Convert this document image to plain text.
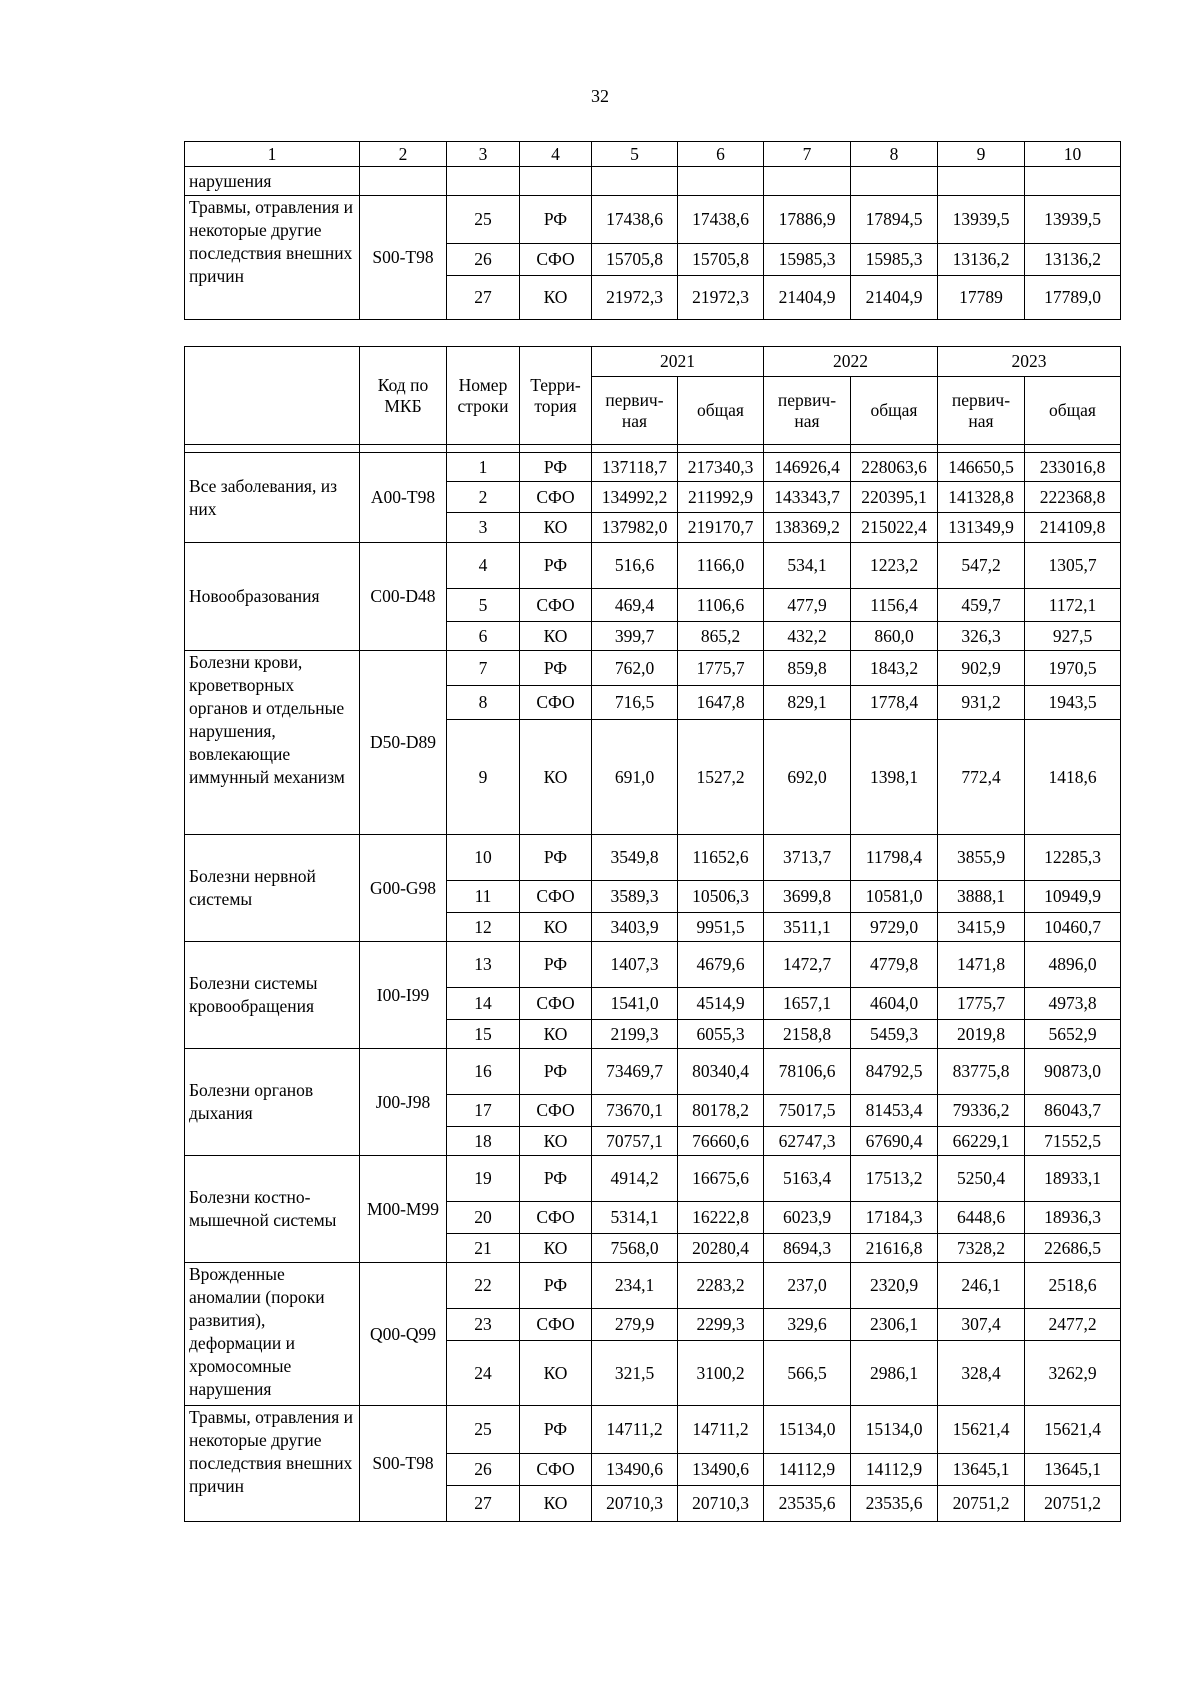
32
1	2	3	4	5	6	7	8	9	10
нарушения									
Травмы, отравления и некоторые другие последствия внешних причин	S00-T98	25	РФ	17438,6	17438,6	17886,9	17894,5	13939,5	13939,5
		26	СФО	15705,8	15705,8	15985,3	15985,3	13136,2	13136,2
		27	КО	21972,3	21972,3	21404,9	21404,9	17789	17789,0
	Код по МКБ	Номер строки	Терри-тория	2021		2022		2023	
				первич-ная	общая	первич-ная	общая	первич-ная	общая

Все заболевания, из них	A00-T98	1	РФ	137118,7	217340,3	146926,4	228063,6	146650,5	233016,8
		2	СФО	134992,2	211992,9	143343,7	220395,1	141328,8	222368,8
		3	КО	137982,0	219170,7	138369,2	215022,4	131349,9	214109,8
Новообразования	C00-D48	4	РФ	516,6	1166,0	534,1	1223,2	547,2	1305,7
		5	СФО	469,4	1106,6	477,9	1156,4	459,7	1172,1
		6	КО	399,7	865,2	432,2	860,0	326,3	927,5
Болезни крови, кроветворных органов и отдельные нарушения, вовлекающие иммунный механизм	D50-D89	7	РФ	762,0	1775,7	859,8	1843,2	902,9	1970,5
		8	СФО	716,5	1647,8	829,1	1778,4	931,2	1943,5
		9	КО	691,0	1527,2	692,0	1398,1	772,4	1418,6
Болезни нервной системы	G00-G98	10	РФ	3549,8	11652,6	3713,7	11798,4	3855,9	12285,3
		11	СФО	3589,3	10506,3	3699,8	10581,0	3888,1	10949,9
		12	КО	3403,9	9951,5	3511,1	9729,0	3415,9	10460,7
Болезни системы кровообращения	I00-I99	13	РФ	1407,3	4679,6	1472,7	4779,8	1471,8	4896,0
		14	СФО	1541,0	4514,9	1657,1	4604,0	1775,7	4973,8
		15	КО	2199,3	6055,3	2158,8	5459,3	2019,8	5652,9
Болезни органов дыхания	J00-J98	16	РФ	73469,7	80340,4	78106,6	84792,5	83775,8	90873,0
		17	СФО	73670,1	80178,2	75017,5	81453,4	79336,2	86043,7
		18	КО	70757,1	76660,6	62747,3	67690,4	66229,1	71552,5
Болезни костно-мышечной системы	M00-M99	19	РФ	4914,2	16675,6	5163,4	17513,2	5250,4	18933,1
		20	СФО	5314,1	16222,8	6023,9	17184,3	6448,6	18936,3
		21	КО	7568,0	20280,4	8694,3	21616,8	7328,2	22686,5
Врожденные аномалии (пороки развития), деформации и хромосомные нарушения	Q00-Q99	22	РФ	234,1	2283,2	237,0	2320,9	246,1	2518,6
		23	СФО	279,9	2299,3	329,6	2306,1	307,4	2477,2
		24	КО	321,5	3100,2	566,5	2986,1	328,4	3262,9
Травмы, отравления и некоторые другие последствия внешних причин	S00-T98	25	РФ	14711,2	14711,2	15134,0	15134,0	15621,4	15621,4
		26	СФО	13490,6	13490,6	14112,9	14112,9	13645,1	13645,1
		27	КО	20710,3	20710,3	23535,6	23535,6	20751,2	20751,2
